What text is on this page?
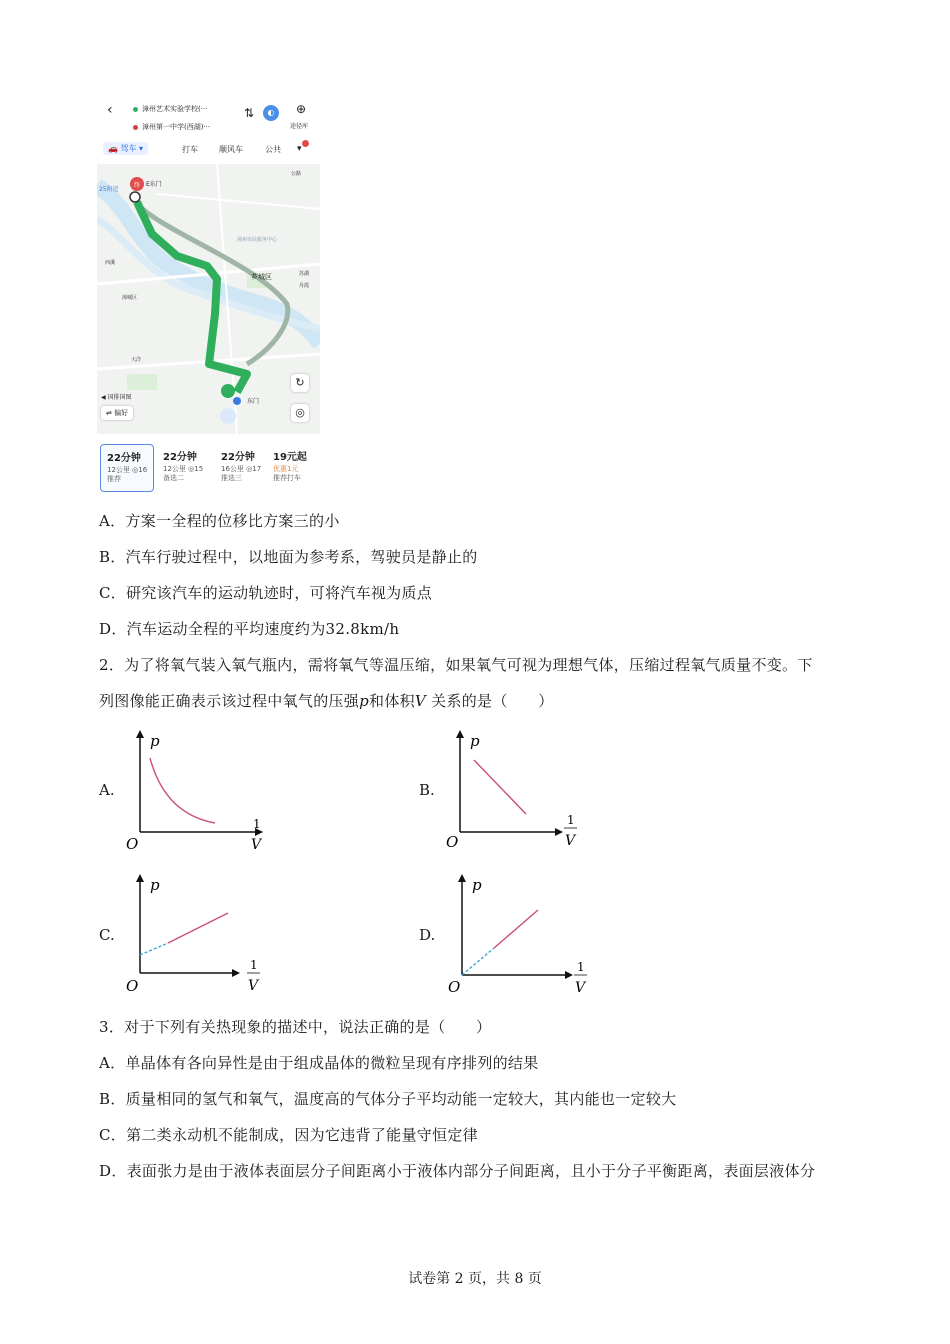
‹	漳州艺术实验学校(···
漳州第一中学(西湖)···
⇅	◐	⊕
途径库
🚗 驾车 ▾	打车	顺风车	公共 ▾
终 E东门
25附近
芗城区
漳州市民服务中心
苏湖
漳城区
西溪
大洋
东门
公路
丹霞
◀ 国排国图
⇌ 偏好
↻
◎
22分钟
12公里 ◎16
推荐
22分钟
12公里 ◎15
备选二
22分钟
16公里 ◎17
推选三
19元起
优惠1元
推荐打车
A．方案一全程的位移比方案三的小
B．汽车行驶过程中，以地面为参考系，驾驶员是静止的
C．研究该汽车的运动轨迹时，可将汽车视为质点
D．汽车运动全程的平均速度约为32.8km/h
2．为了将氧气装入氧气瓶内，需将氧气等温压缩，如果氧气可视为理想气体，压缩过程氧气质量不变。下
列图像能正确表示该过程中氧气的压强p和体积V 关系的是（　　）
A.	B.
C.	D.
p
O
1
V
p
O
1
V
p
O
1
V
p
O
1
V
3．对于下列有关热现象的描述中，说法正确的是（　　）
A．单晶体有各向异性是由于组成晶体的微粒呈现有序排列的结果
B．质量相同的氢气和氧气，温度高的气体分子平均动能一定较大，其内能也一定较大
C．第二类永动机不能制成，因为它违背了能量守恒定律
D．表面张力是由于液体表面层分子间距离小于液体内部分子间距离，且小于分子平衡距离，表面层液体分
试卷第 2 页，共 8 页
